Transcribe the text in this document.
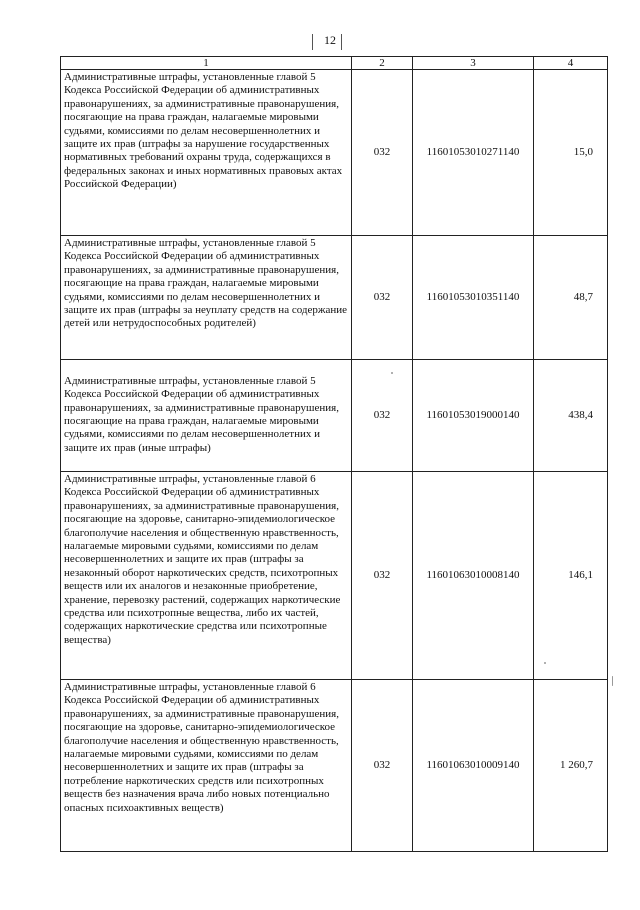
12
1	2	3	4
Административные штрафы, установленные главой 5 Кодекса Российской Федерации об административных правонарушениях, за административные правонарушения, посягающие на права граждан, налагаемые мировыми судьями, комиссиями по делам несовершеннолетних и защите их прав (штрафы за нарушение государственных нормативных требований охраны труда, содержащихся в федеральных законах и иных нормативных правовых актах Российской Федерации)	032	11601053010271140	15,0
Административные штрафы, установленные главой 5 Кодекса Российской Федерации об административных правонарушениях, за административные правонарушения, посягающие на права граждан, налагаемые мировыми судьями, комиссиями по делам несовершеннолетних и защите их прав (штрафы за неуплату средств на содержание детей или нетрудоспособных родителей)	032	11601053010351140	48,7
Административные штрафы, установленные главой 5 Кодекса Российской Федерации об административных правонарушениях, за административные правонарушения, посягающие на права граждан, налагаемые мировыми судьями, комиссиями по делам несовершеннолетних и защите их прав (иные штрафы)	032	11601053019000140	438,4
Административные штрафы, установленные главой 6 Кодекса Российской Федерации об административных правонарушениях, за административные правонарушения, посягающие на здоровье, санитарно-эпидемиологическое благополучие населения и общественную нравственность, налагаемые мировыми судьями, комиссиями по делам несовершеннолетних и защите их прав (штрафы за незаконный оборот наркотических средств, психотропных веществ или их аналогов и незаконные приобретение, хранение, перевозку растений, содержащих наркотические средства или психотропные вещества, либо их частей, содержащих наркотические средства или психотропные вещества)	032	11601063010008140	146,1
Административные штрафы, установленные главой 6 Кодекса Российской Федерации об административных правонарушениях, за административные правонарушения, посягающие на здоровье, санитарно-эпидемиологическое благополучие населения и общественную нравственность, налагаемые мировыми судьями, комиссиями по делам несовершеннолетних и защите их прав (штрафы за потребление наркотических средств или психотропных веществ без назначения врача либо новых потенциально опасных психоактивных веществ)	032	11601063010009140	1 260,7
